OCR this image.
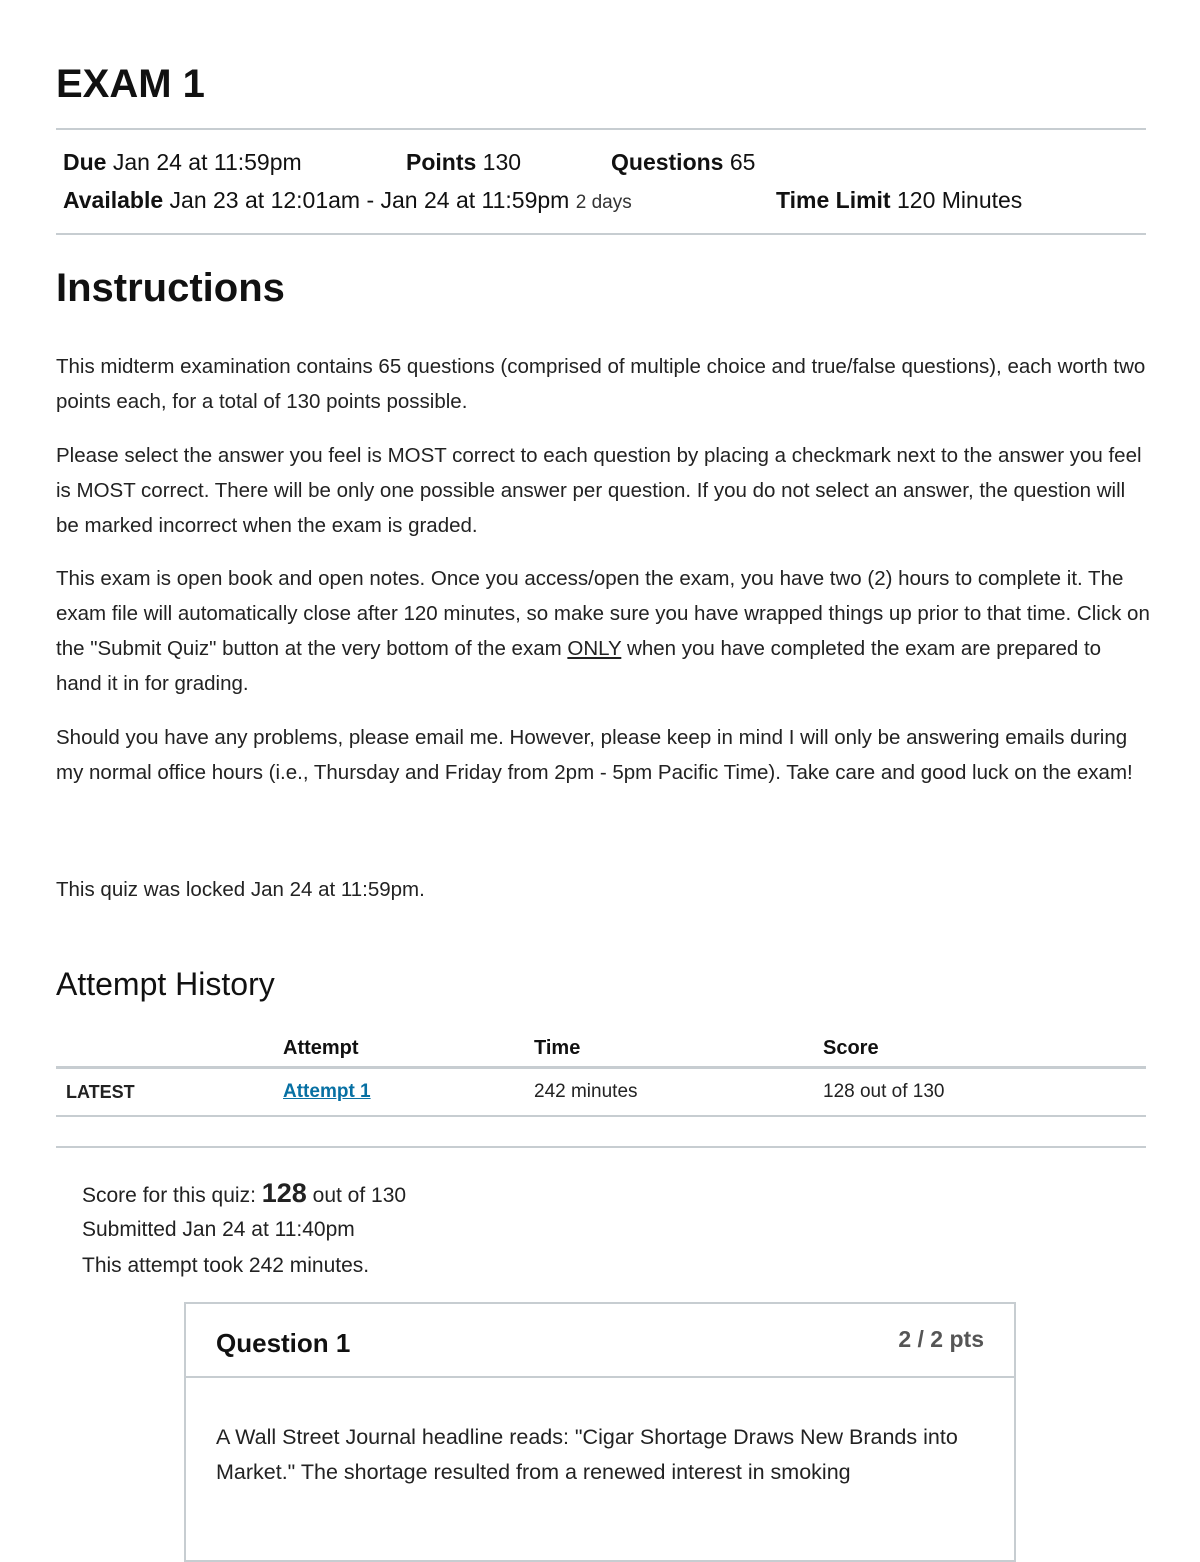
EXAM 1
Due Jan 24 at 11:59pm	Points 130	Questions 65
Available Jan 23 at 12:01am - Jan 24 at 11:59pm 2 days	Time Limit 120 Minutes
Instructions

This midterm examination contains 65 questions (comprised of multiple choice and true/false questions), each worth two points each, for a total of 130 points possible.

Please select the answer you feel is MOST correct to each question by placing a checkmark next to the answer you feel is MOST correct. There will be only one possible answer per question. If you do not select an answer, the question will be marked incorrect when the exam is graded.

This exam is open book and open notes. Once you access/open the exam, you have two (2) hours to complete it. The exam file will automatically close after 120 minutes, so make sure you have wrapped things up prior to that time. Click on the "Submit Quiz" button at the very bottom of the exam ONLY when you have completed the exam are prepared to hand it in for grading.

Should you have any problems, please email me. However, please keep in mind I will only be answering emails during my normal office hours (i.e., Thursday and Friday from 2pm - 5pm Pacific Time). Take care and good luck on the exam!

This quiz was locked Jan 24 at 11:59pm.

Attempt History
	Attempt	Time	Score
LATEST	Attempt 1	242 minutes	128 out of 130
Score for this quiz: 128 out of 130
Submitted Jan 24 at 11:40pm
This attempt took 242 minutes.
Question 1	2 / 2 pts
A Wall Street Journal headline reads: "Cigar Shortage Draws New Brands into Market." The shortage resulted from a renewed interest in smoking
